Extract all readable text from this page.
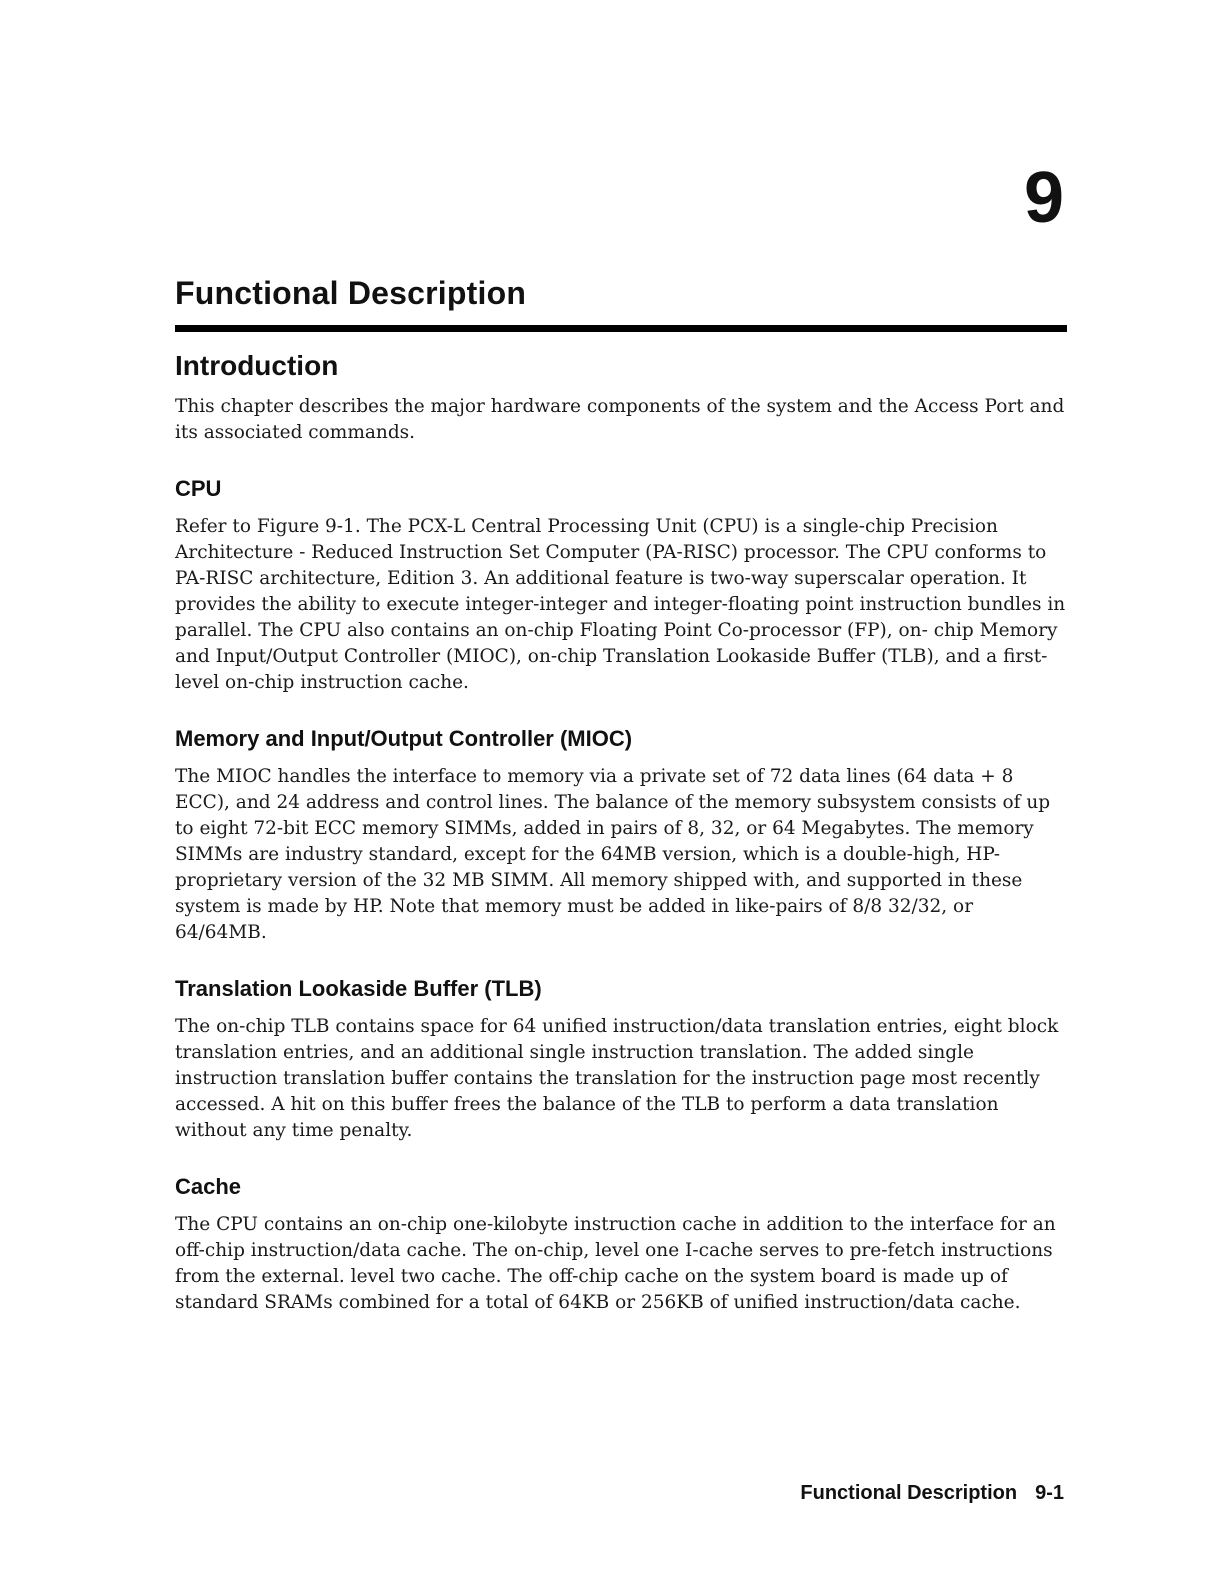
9
Functional Description
Introduction

This chapter describes the major hardware components of the system and the Access Port and its associated commands.

CPU

Refer to Figure 9-1. The PCX-L Central Processing Unit (CPU) is a single-chip Precision Architecture - Reduced Instruction Set Computer (PA-RISC) processor. The CPU conforms to PA-RISC architecture, Edition 3. An additional feature is two-way superscalar operation. It provides the ability to execute integer-integer and integer-floating point instruction bundles in parallel. The CPU also contains an on-chip Floating Point Co-processor (FP), on- chip Memory and Input/Output Controller (MIOC), on-chip Translation Lookaside Buffer (TLB), and a first-level on-chip instruction cache.

Memory and Input/Output Controller (MIOC)

The MIOC handles the interface to memory via a private set of 72 data lines (64 data + 8 ECC), and 24 address and control lines. The balance of the memory subsystem consists of up to eight 72-bit ECC memory SIMMs, added in pairs of 8, 32, or 64 Megabytes. The memory SIMMs are industry standard, except for the 64MB version, which is a double-high, HP-proprietary version of the 32 MB SIMM. All memory shipped with, and supported in these system is made by HP. Note that memory must be added in like-pairs of 8/8 32/32, or 64/64MB.

Translation Lookaside Buffer (TLB)

The on-chip TLB contains space for 64 unified instruction/data translation entries, eight block translation entries, and an additional single instruction translation. The added single instruction translation buffer contains the translation for the instruction page most recently accessed. A hit on this buffer frees the balance of the TLB to perform a data translation without any time penalty.

Cache

The CPU contains an on-chip one-kilobyte instruction cache in addition to the interface for an off-chip instruction/data cache. The on-chip, level one I-cache serves to pre-fetch instructions from the external. level two cache. The off-chip cache on the system board is made up of standard SRAMs combined for a total of 64KB or 256KB of unified instruction/data cache.

Functional Description 9-1
